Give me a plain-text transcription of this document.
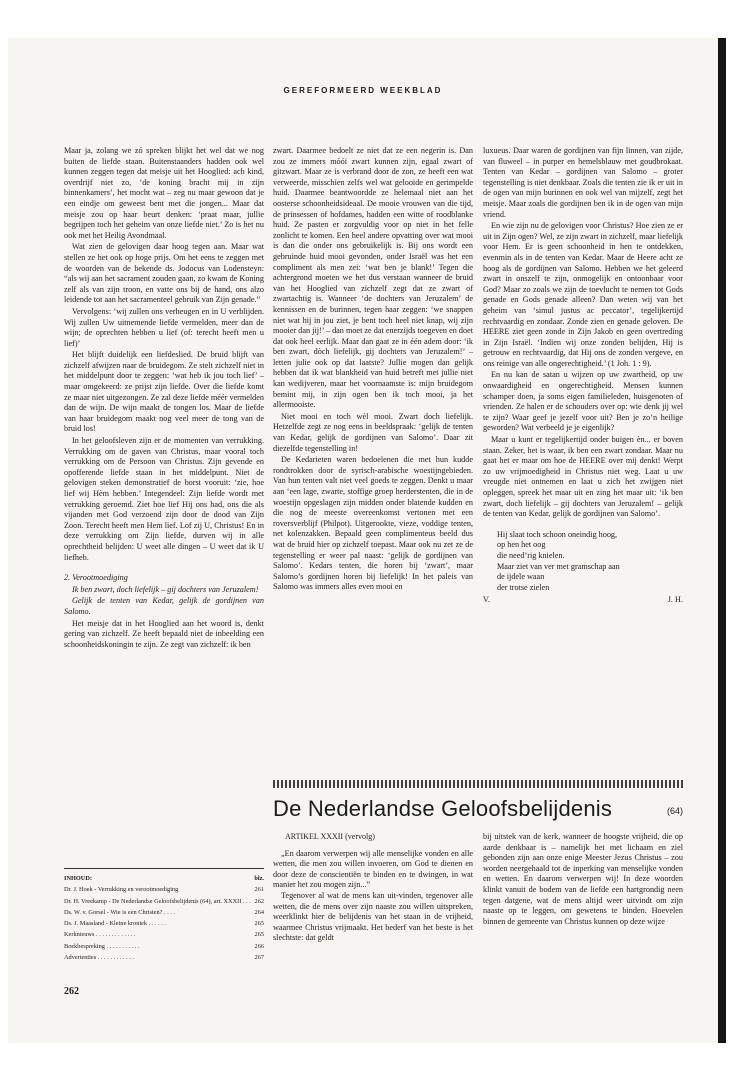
GEREFORMEERD WEEKBLAD

Maar ja, zolang we zó spreken blijkt het wel dat we nog buiten de liefde staan. Buitenstaanders hadden ook wel kunnen zeggen tegen dat meisje uit het Hooglied: ach kind, overdrijf niet zo, ‘de koning bracht mij in zijn binnenkamers’, het mocht wat – zeg nu maar gewoon dat je een eindje om geweest bent met die jongen... Maar dat meisje zou op haar beurt denken: ‘praat maar, jullie begrijpen toch het geheim van onze liefde niet.’ Zo is het nu ook met het Heilig Avondmaal.

Wat zien de gelovigen daar hoog tegen aan. Maar wat stellen ze het ook op hoge prijs. Om het eens te zeggen met de woorden van de bekende ds. Jodocus van Lodensteyn: “als wij aan het sacrament zouden gaan, zo kwam de Koning zelf als van zijn troon, en vatte ons bij de hand, ons alzo leidende tot aan het sacramenteel gebruik van Zijn genade.”

Vervolgens: ‘wij zullen ons verheugen en in U verblijden. Wij zullen Uw uitnemende liefde vermelden, meer dan de wijn; de oprechten hebben u lief (of: terecht heeft men u lief)’

Het blijft duidelijk een liefdeslied. De bruid blijft van zichzelf afwijzen naar de bruidegom. Ze stelt zichzelf niet in het middelpunt door te zeggen: ‘wat heb ik jou toch lief’ – maar omgekeerd: ze prijst zijn liefde. Over die liefde komt ze maar niet uitgezongen. Ze zal deze liefde méér vermelden dan de wijn. De wijn maakt de tongen los. Maar de liefde van haar bruidegom maakt nog veel meer de tong van de bruid los!

In het geloofsleven zijn er de momenten van verrukking. Verrukking om de gaven van Christus, maar vooral toch verrukking om de Persoon van Christus. Zijn gevende en opofferende liefde staan in het middelpunt. Niet de gelovigen steken demonstratief de borst vooruit: ‘zie, hoe lief wij Hèm hebben.’ Integendeel: Zijn liefde wordt met verrukking geroemd. Ziet hoe lief Hij ons had, ons die als vijanden met God verzoend zijn door de dood van Zijn Zoon. Terecht heeft men Hem lief. Lof zij U, Christus! En in deze verrukking om Zijn liefde, durven wij in alle oprechtheid belijden: U weet alle dingen – U weet dat ik U liefheb.

2. Verootmoediging

Ik ben zwart, doch liefelijk – gij dochters van Jeruzalem!

Gelijk de tenten van Kedar, gelijk de gordijnen van Salomo.

Het meisje dat in het Hooglied aan het woord is, denkt gering van zichzelf. Ze heeft bepaald niet de inbeelding een schoonheidskoningin te zijn. Ze zegt van zichzelf: ik ben

zwart. Daarmee bedoelt ze niet dat ze een negerin is. Dan zou ze immers móói zwart kunnen zijn, egaal zwart of gitzwart. Maar ze is verbrand door de zon, ze heeft een wat verweerde, misschien zelfs wel wat gelooide en gerimpelde huid. Daarmee beantwoordde ze helemaal niet aan het oosterse schoonheidsideaal. De mooie vrouwen van die tijd, de prinsessen of hofdames, hadden een witte of roodblanke huid. Ze pasten er zorgvuldig voor op niet in het felle zonlicht te komen. Een heel andere opvatting over wat mooi is dan die onder ons gebruikelijk is. Bij ons wordt een gebruinde huid mooi gevonden, onder Israël was het een compliment als men zei: ‘wat ben je blank!’ Tegen die achtergrond moeten we het dus verstaan wanneer de bruid van het Hooglied van zichzelf zegt dat ze zwart of zwartachtig is. Wanneer ‘de dochters van Jeruzalem’ de kennissen en de burinnen, tegen haar zeggen: ‘we snappen niet wat hij in jou ziet, je bent toch heel niet knap, wij zijn mooier dan jij!’ – dan moet ze dat enerzijds toegeven en doet dat ook heel eerlijk. Maar dan gaat ze in één adem door: ‘ik ben zwart, dòch liefelijk, gij dochters van Jeruzalem!’ – letten julie ook op dat laatste? Jullie mogen dan gelijk hebben dat ik wat blankheid van huid betreft met jullie niet kan wedijveren, maar het voornaamste is: mijn bruidegom bemint mij, in zijn ogen ben ik toch mooi, ja het allermooiste.

Niet mooi en toch wèl mooi. Zwart doch liefelijk. Hetzelfde zegt ze nog eens in beeldspraak: ‘gelijk de tenten van Kedar, gelijk de gordijnen van Salomo’. Daar zit diezelfde tegenstelling in!

De Kedarieten waren bedoeïenen die met hun kudde rondtrokken door de syrisch-arabische woestijngebieden. Van hun tenten valt niet veel goeds te zeggen. Denkt u maar aan ‘een lage, zwarte, stoffige groep herderstenten, die in de woestijn opgeslagen zijn midden onder blatende kudden en die nog de meeste overeenkomst vertonen met een roversverblijf (Philpot). Uitgerookte, vieze, voddige tenten, net kolenzakken. Bepaald geen complimenteus beeld dus wat de bruid hier op zichzelf toepast. Maar ook nu zet ze de tegenstelling er weer pal naast: ‘gelijk de gordijnen van Salomo’. Kedars tenten, die horen bij ‘zwart’, maar Salomo’s gordijnen horen bij liefelijk! In het paleis van Salomo was immers alles even mooi en

luxueus. Daar waren de gordijnen van fijn linnen, van zijde, van fluweel – in purper en hemelsblauw met goudbrokaat. Tenten van Kedar – gordijnen van Salomo – groter tegenstelling is niet denkbaar. Zoals die tenten zie ik er uit in de ogen van mijn burinnen en ook wel van mijzelf, zegt het meisje. Maar zoals die gordijnen ben ik in de ogen van mijn vriend.

En wie zijn nu de gelovigen voor Christus? Hoe zien ze er uit in Zijn ogen? Wel, ze zijn zwart in zichzelf, maar liefelijk voor Hem. Er is geen schoonheid in hen te ontdekken, evenmin als in de tenten van Kedar. Maar de Heere acht ze hoog als de gordijnen van Salomo. Hebben we het geleerd zwart in onszelf te zijn, onmogelijk en ontoonbaar voor God? Maar zo zoals we zijn de toevlucht te nemen tot Gods genade en Gods genade alleen? Dan weten wij van het geheim van ‘simul justus ac peccator’, tegelijkertijd rechtvaardig en zondaar. Zonde zien en genade geloven. De HEERE ziet geen zonde in Zijn Jakob en geen overtreding in Zijn Israël. ‘Indien wij onze zonden belijden, Hij is getrouw en rechtvaardig, dat Hij ons de zonden vergeve, en ons reinige van alle ongerechtigheid.’ (1 Joh. 1 : 9).

En nu kan de satan u wijzen op uw zwartheid, op uw onwaardigheid en ongerechtigheid. Mensen kunnen schamper doen, ja soms eigen familieleden, huisgenoten of vrienden. Ze halen er de schouders over op: wie denk jij wel te zijn? Waar geef je jezelf voor uit? Ben je zo’n heilige geworden? Wat verbeeld je je eigenlijk?

Maar u kunt er tegelijkertijd onder buigen èn... er boven staan. Zeker, het is waar, ik ben een zwart zondaar. Maar nu gaat het er maar om hoe de HEERE over mij denkt! Werpt zo uw vrijmoedigheid in Christus niet weg. Laat u uw vreugde niet ontnemen en laat u zich het zwijgen niet opleggen, spreek het maar uit en zing het maar uit: ‘ik ben zwart, doch liefelijk – gij dochters van Jeruzalem! – gelijk de tenten van Kedar, gelijk de gordijnen van Salomo’.

Hij slaat toch schoon oneindig hoog,
op hen het oog
die need’rig knielen.
Maar ziet van ver met gramschap aan
de ijdele waan
der trotse zielen
V.	J. H.
INHOUD:	blz.
Dr. J. Hoek - Verrukking en verootmoediging	261
Dr. H. Vreekamp - De Nederlandse Geloofsbelijdenis (64), art. XXXII . . . 262
Ds. W. v. Gorsel - Wie is een Christen? . . . .	264
Ds. J. Maasland - Kleine kroniek . . . . . .	265
Kerknieuws . . . . . . . . . . . . .	265
Boekbespreking . . . . . . . . . . .	266
Advertenties . . . . . . . . . . . .	267
262
De Nederlandse Geloofsbelijdenis	(64)

ARTIKEL XXXII (vervolg)

„En daarom verwerpen wij alle menselijke vonden en alle wetten, die men zou willen invoeren, om God te dienen en door deze de conscientiën te binden en te dwingen, in wat manier het zou mogen zijn...”

Tegenover al wat de mens kan uit-vinden, tegenover alle wetten, die de mens over zijn naaste zou willen uitspreken, weerklinkt hier de belijdenis van het staan in de vrijheid, waarmee Christus vrijmaakt. Het bederf van het beste is het slechtste: dat geldt

bij uitstek van de kerk, wanneer de hoogste vrijheid, die op aarde denkbaar is – namelijk het met lichaam en ziel gebonden zijn aan onze enige Meester Jezus Christus – zou worden neergehaald tot de inperking van menselijke vonden en wetten. En daarom verwerpen wij! In deze woorden klinkt vanuit de bodem van de liefde een hartgrondig neen tegen datgene, wat de mens altijd weer uitvindt om zijn naaste op te leggen, om gewetens te binden. Hoevelen binnen de gemeente van Christus kunnen op deze wijze
